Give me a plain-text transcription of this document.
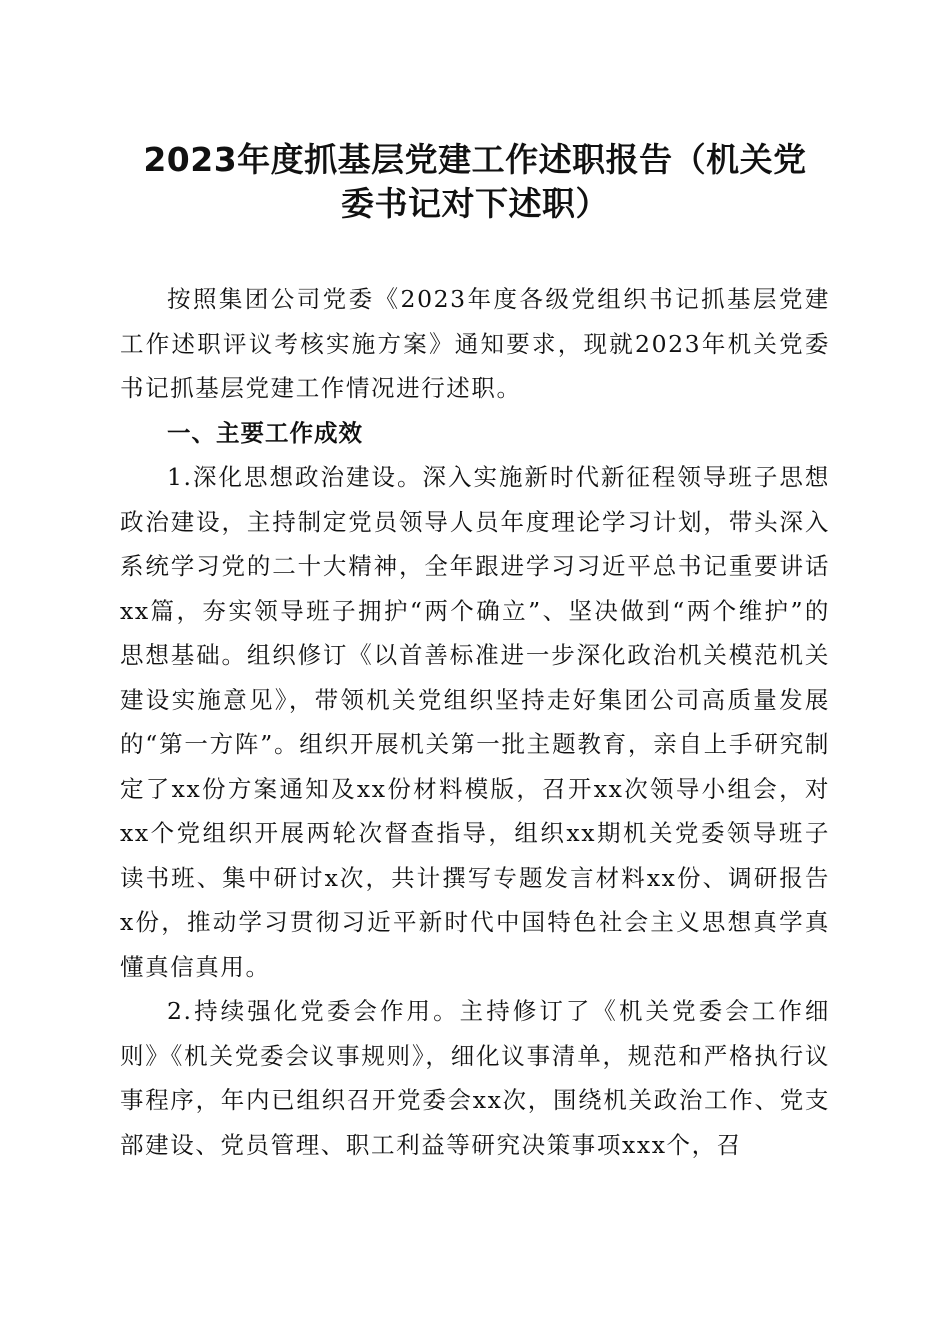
2023年度抓基层党建工作述职报告（机关党
委书记对下述职）

按照集团公司党委《2023年度各级党组织书记抓基层党建工作述职评议考核实施方案》通知要求，现就2023年机关党委书记抓基层党建工作情况进行述职。

一、主要工作成效

1.深化思想政治建设。深入实施新时代新征程领导班子思想政治建设，主持制定党员领导人员年度理论学习计划，带头深入系统学习党的二十大精神，全年跟进学习习近平总书记重要讲话xx篇，夯实领导班子拥护“两个确立”、坚决做到“两个维护”的思想基础。组织修订《以首善标准进一步深化政治机关模范机关建设实施意见》，带领机关党组织坚持走好集团公司高质量发展的“第一方阵”。组织开展机关第一批主题教育，亲自上手研究制定了xx份方案通知及xx份材料模版，召开xx次领导小组会，对xx个党组织开展两轮次督查指导，组织xx期机关党委领导班子读书班、集中研讨x次，共计撰写专题发言材料xx份、调研报告x份，推动学习贯彻习近平新时代中国特色社会主义思想真学真懂真信真用。

2.持续强化党委会作用。主持修订了《机关党委会工作细则》《机关党委会议事规则》，细化议事清单，规范和严格执行议事程序，年内已组织召开党委会xx次，围绕机关政治工作、党支部建设、党员管理、职工利益等研究决策事项xxx个，召
